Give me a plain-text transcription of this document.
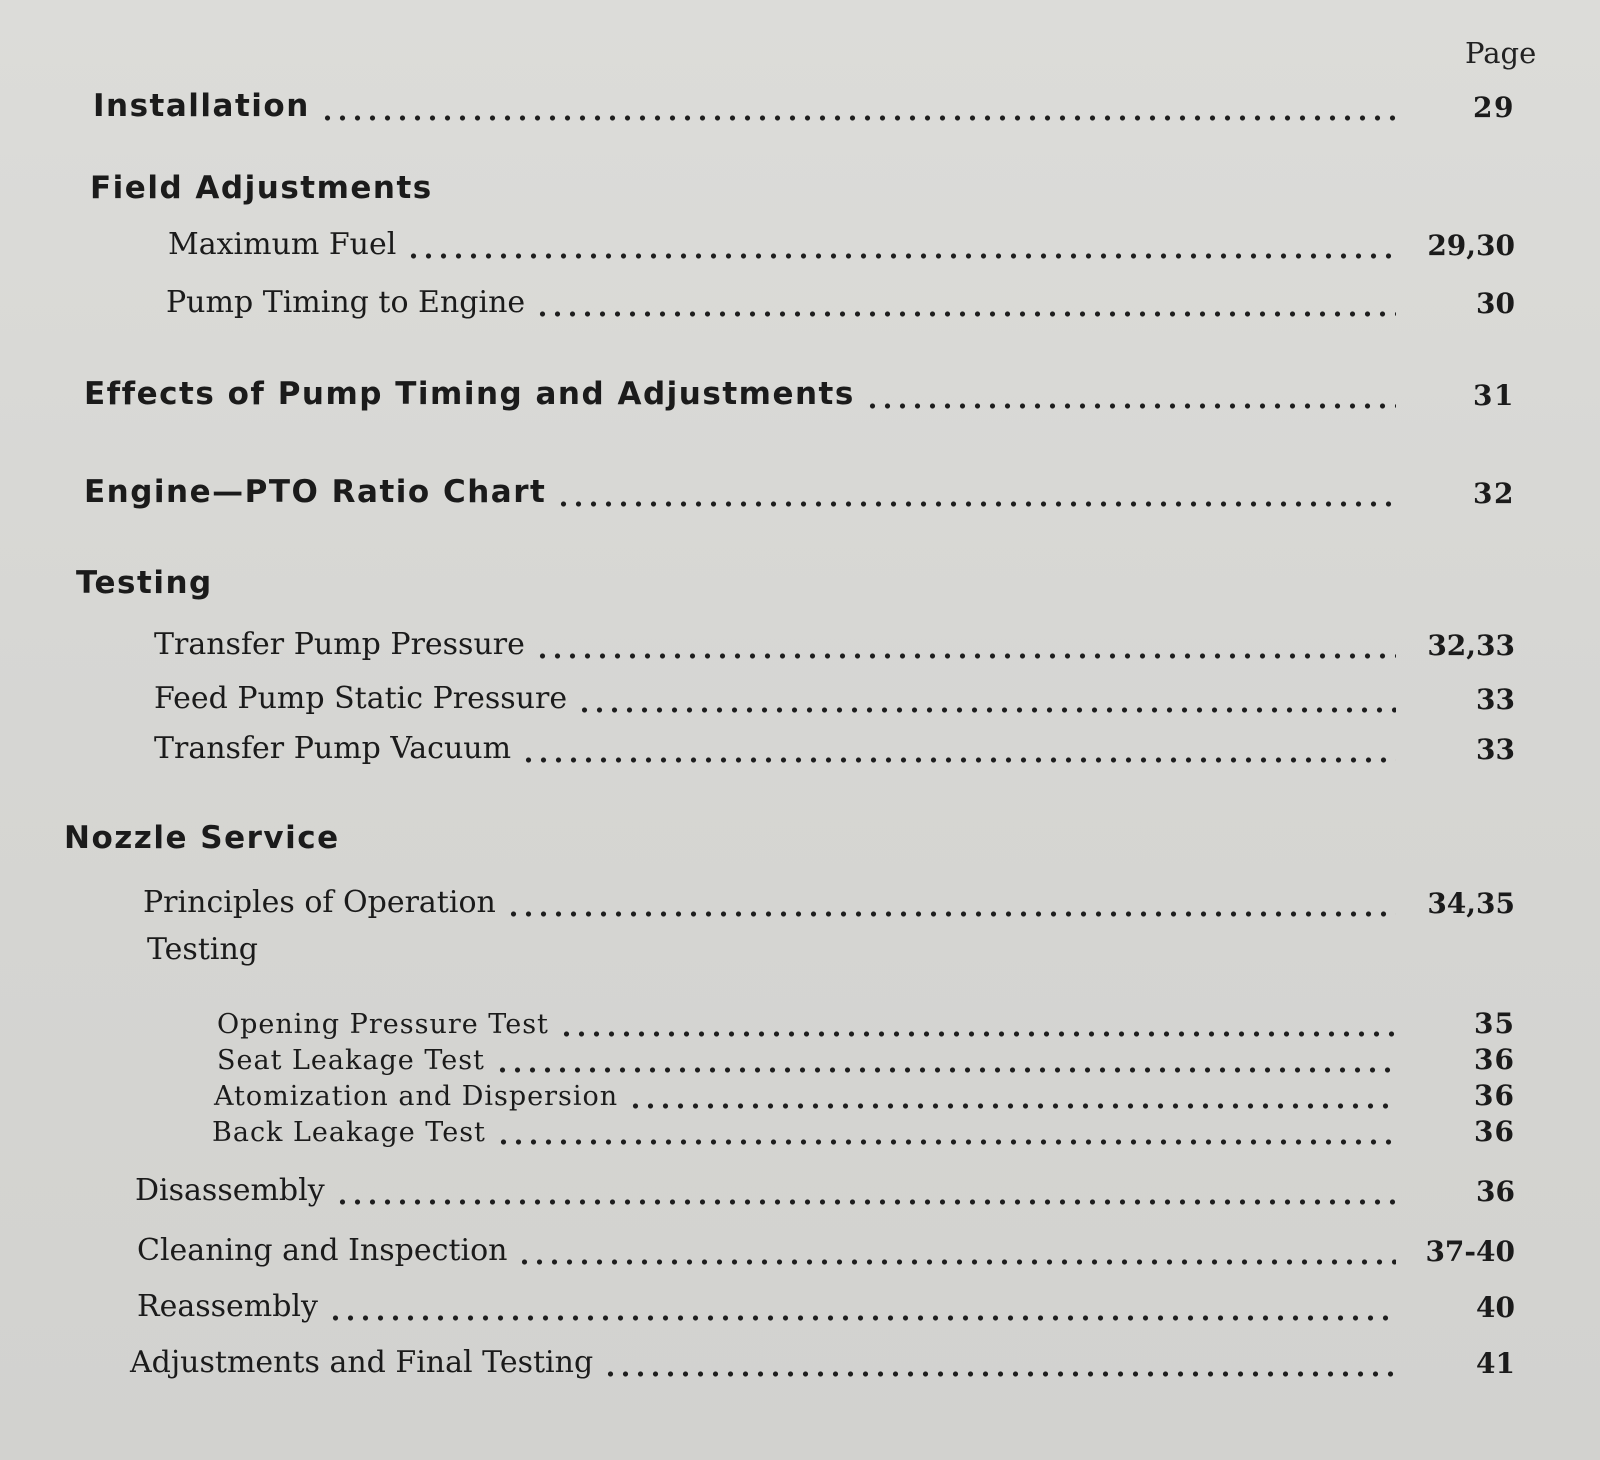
Page
Installation	29
Field Adjustments
Maximum Fuel	29,30
Pump Timing to Engine	30
Effects of Pump Timing and Adjustments	31
Engine—PTO Ratio Chart	32
Testing
Transfer Pump Pressure	32,33
Feed Pump Static Pressure	33
Transfer Pump Vacuum	33
Nozzle Service
Principles of Operation	34,35
Testing
Opening Pressure Test	35
Seat Leakage Test	36
Atomization and Dispersion	36
Back Leakage Test	36
Disassembly	36
Cleaning and Inspection	37-40
Reassembly	40
Adjustments and Final Testing	41
